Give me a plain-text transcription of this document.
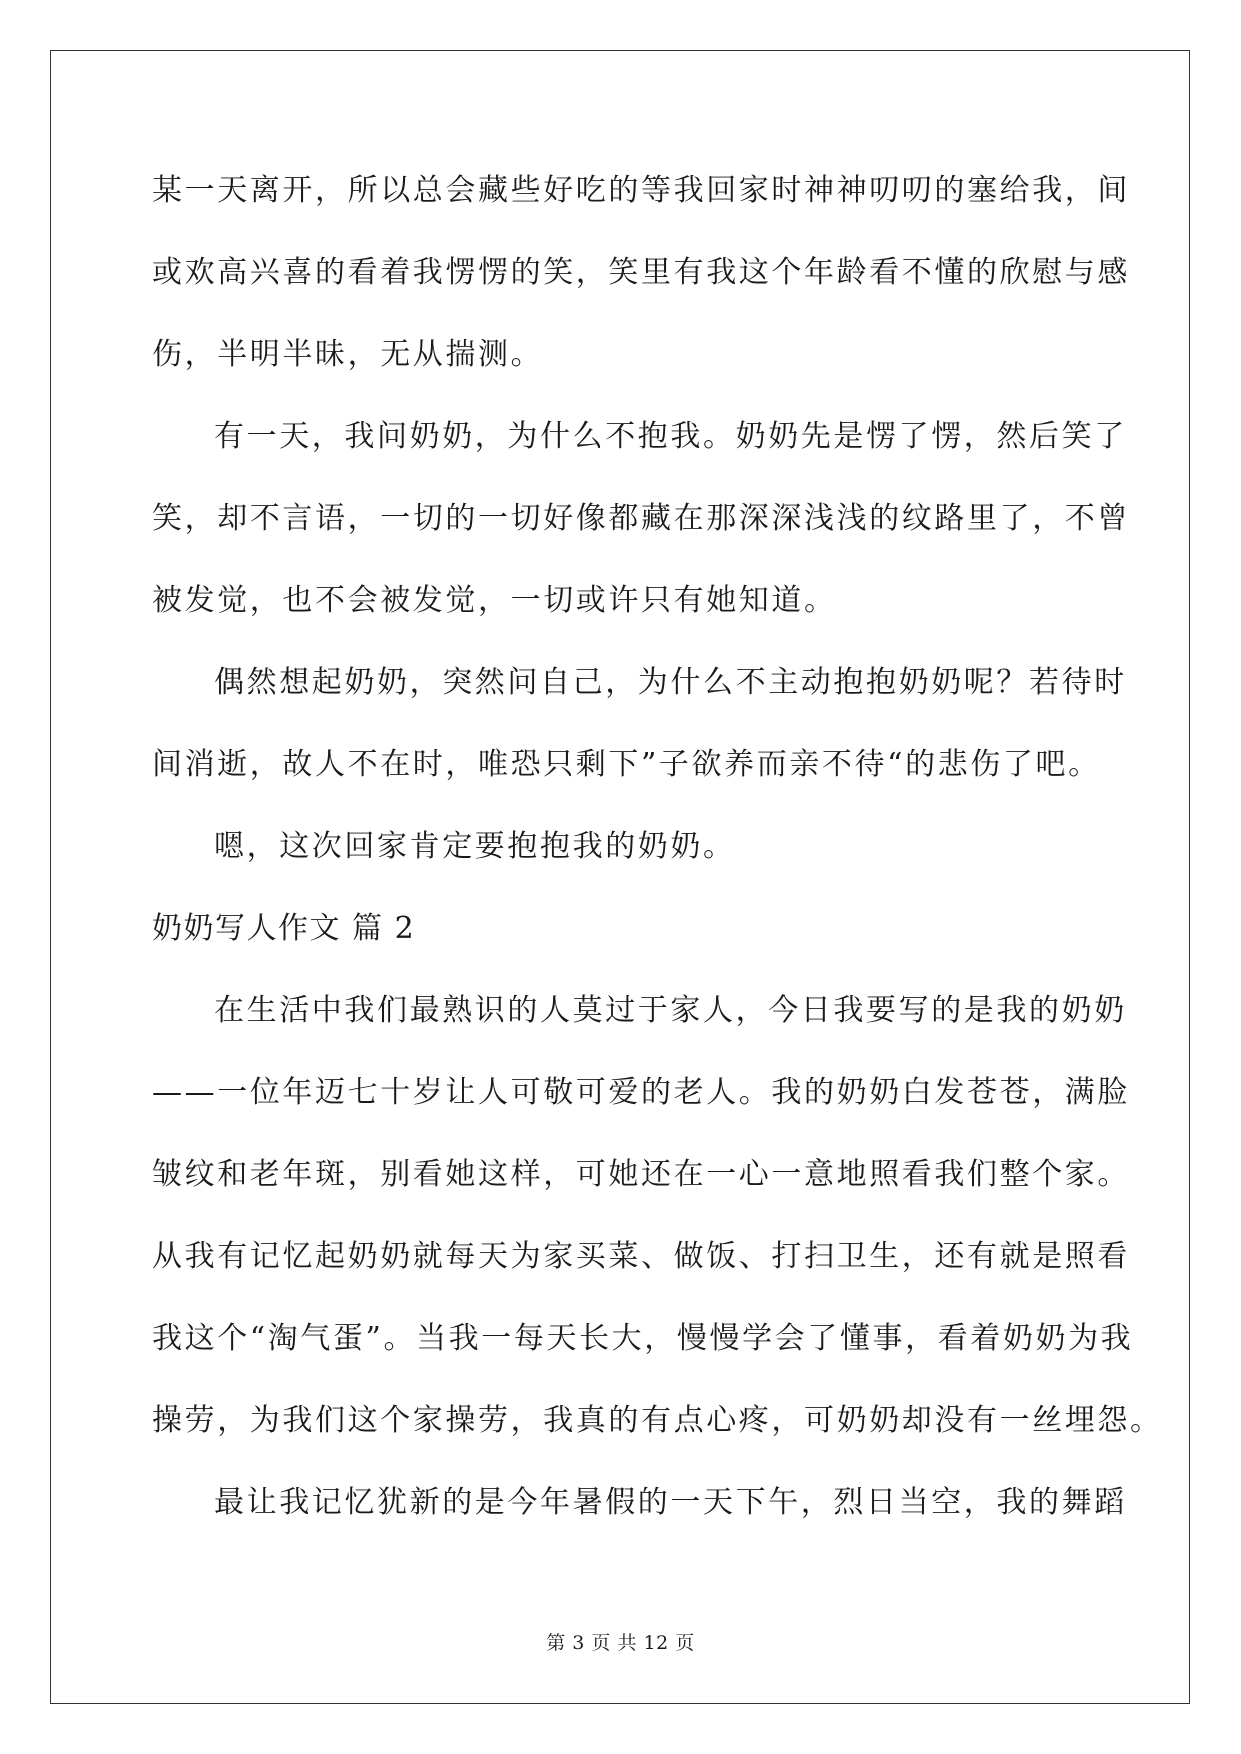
某一天离开，所以总会藏些好吃的等我回家时神神叨叨的塞给我，间
或欢高兴喜的看着我愣愣的笑，笑里有我这个年龄看不懂的欣慰与感
伤，半明半昧，无从揣测。
有一天，我问奶奶，为什么不抱我。奶奶先是愣了愣，然后笑了
笑，却不言语，一切的一切好像都藏在那深深浅浅的纹路里了，不曾
被发觉，也不会被发觉，一切或许只有她知道。
偶然想起奶奶，突然问自己，为什么不主动抱抱奶奶呢？若待时
间消逝，故人不在时，唯恐只剩下”子欲养而亲不待“的悲伤了吧。
嗯，这次回家肯定要抱抱我的奶奶。
奶奶写人作文 篇 2
在生活中我们最熟识的人莫过于家人，今日我要写的是我的奶奶
——一位年迈七十岁让人可敬可爱的老人。我的奶奶白发苍苍，满脸
皱纹和老年斑，别看她这样，可她还在一心一意地照看我们整个家。
从我有记忆起奶奶就每天为家买菜、做饭、打扫卫生，还有就是照看
我这个“淘气蛋”。当我一每天长大，慢慢学会了懂事，看着奶奶为我
操劳，为我们这个家操劳，我真的有点心疼，可奶奶却没有一丝埋怨。
最让我记忆犹新的是今年暑假的一天下午，烈日当空，我的舞蹈
第 3 页 共 12 页
